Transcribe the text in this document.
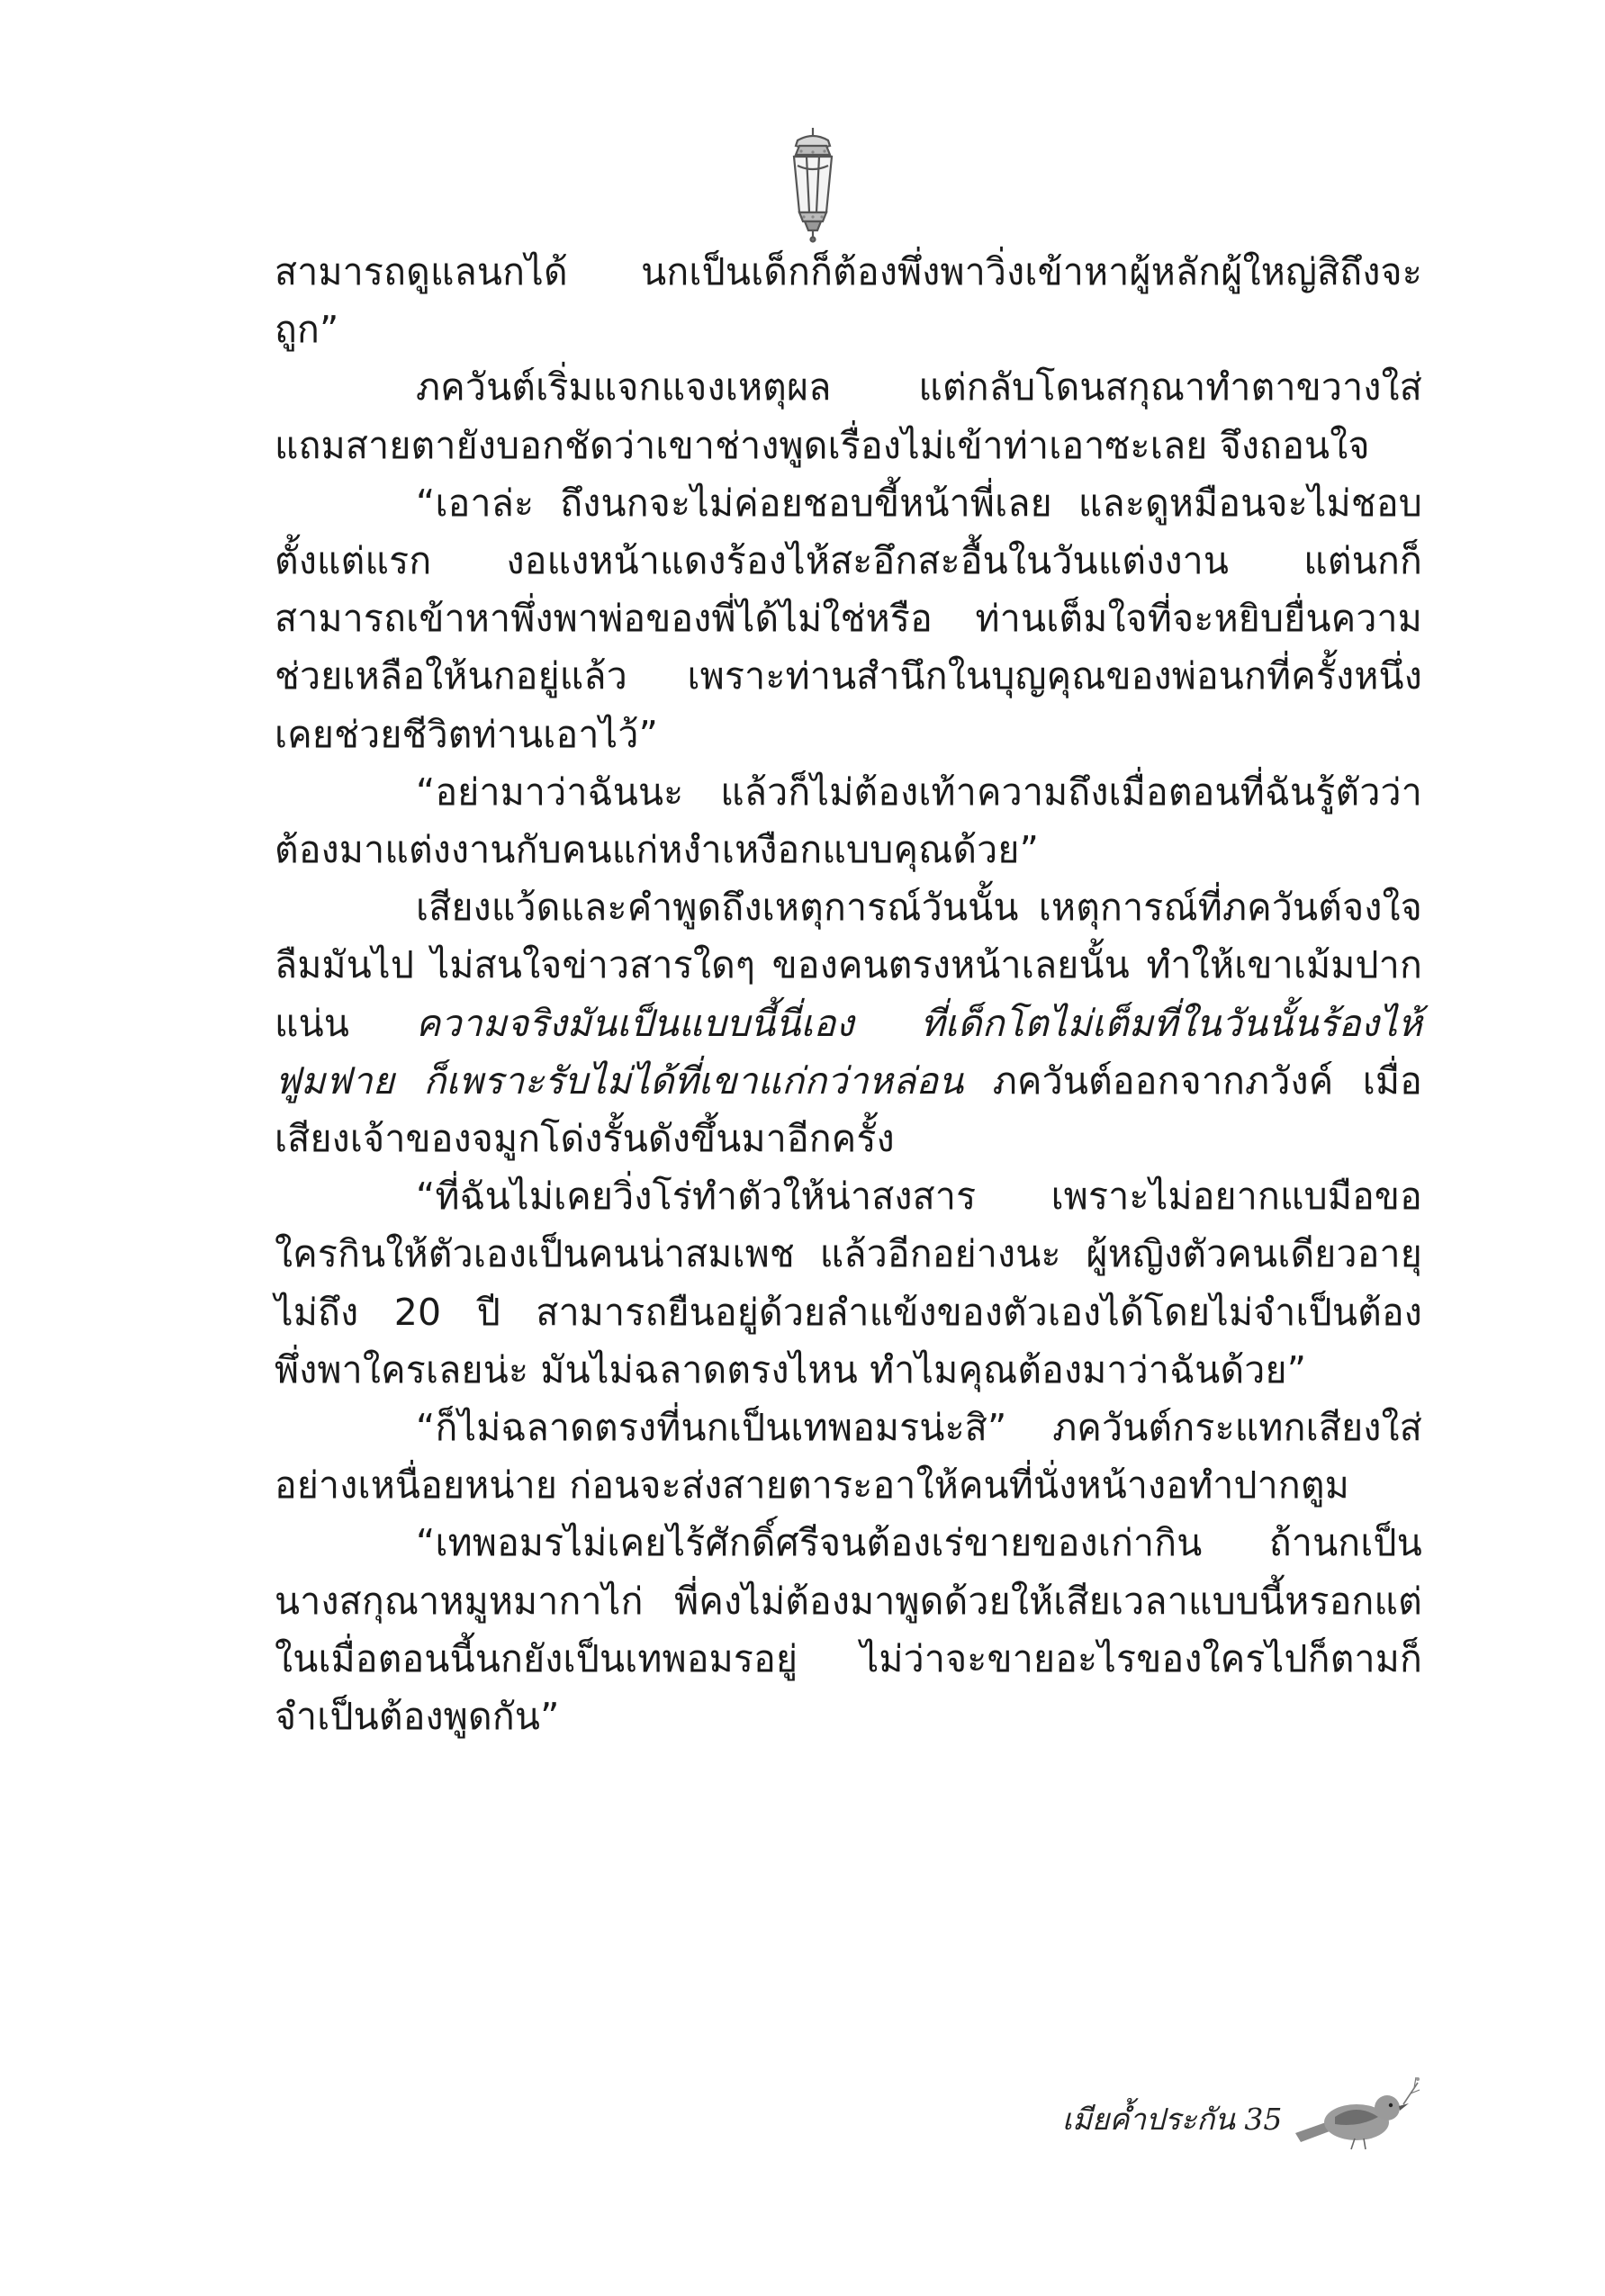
สามารถดูแลนกได้ นกเป็นเด็กก็ต้องพึ่งพาวิ่งเข้าหาผู้หลักผู้ใหญ่สิถึงจะถูก”

ภควันต์เริ่มแจกแจงเหตุผล แต่กลับโดนสกุณาทำตาขวางใส่ แถมสายตายังบอกชัดว่าเขาช่างพูดเรื่องไม่เข้าท่าเอาซะเลย จึงถอนใจ

“เอาล่ะ ถึงนกจะไม่ค่อยชอบขี้หน้าพี่เลย และดูหมือนจะไม่ชอบตั้งแต่แรก งอแงหน้าแดงร้องไห้สะอึกสะอื้นในวันแต่งงาน แต่นกก็สามารถเข้าหาพึ่งพาพ่อของพี่ได้ไม่ใช่หรือ ท่านเต็มใจที่จะหยิบยื่นความช่วยเหลือให้นกอยู่แล้ว เพราะท่านสำนึกในบุญคุณของพ่อนกที่ครั้งหนึ่งเคยช่วยชีวิตท่านเอาไว้”

“อย่ามาว่าฉันนะ แล้วก็ไม่ต้องเท้าความถึงเมื่อตอนที่ฉันรู้ตัวว่าต้องมาแต่งงานกับคนแก่หงำเหงือกแบบคุณด้วย”

เสียงแว้ดและคำพูดถึงเหตุการณ์วันนั้น เหตุการณ์ที่ภควันต์จงใจลืมมันไป ไม่สนใจข่าวสารใดๆ ของคนตรงหน้าเลยนั้น ทำให้เขาเม้มปากแน่น ความจริงมันเป็นแบบนี้นี่เอง ที่เด็กโตไม่เต็มที่ในวันนั้นร้องไห้ฟูมฟาย ก็เพราะรับไม่ได้ที่เขาแก่กว่าหล่อน ภควันต์ออกจากภวังค์ เมื่อเสียงเจ้าของจมูกโด่งรั้นดังขึ้นมาอีกครั้ง

“ที่ฉันไม่เคยวิ่งโร่ทำตัวให้น่าสงสาร เพราะไม่อยากแบมือขอใครกินให้ตัวเองเป็นคนน่าสมเพช แล้วอีกอย่างนะ ผู้หญิงตัวคนเดียวอายุไม่ถึง 20 ปี สามารถยืนอยู่ด้วยลำแข้งของตัวเองได้โดยไม่จำเป็นต้องพึ่งพาใครเลยน่ะ มันไม่ฉลาดตรงไหน ทำไมคุณต้องมาว่าฉันด้วย”

“ก็ไม่ฉลาดตรงที่นกเป็นเทพอมรน่ะสิ” ภควันต์กระแทกเสียงใส่อย่างเหนื่อยหน่าย ก่อนจะส่งสายตาระอาให้คนที่นั่งหน้างอทำปากตูม

“เทพอมรไม่เคยไร้ศักดิ์ศรีจนต้องเร่ขายของเก่ากิน ถ้านกเป็นนางสกุณาหมูหมากาไก่ พี่คงไม่ต้องมาพูดด้วยให้เสียเวลาแบบนี้หรอกแต่ในเมื่อตอนนี้นกยังเป็นเทพอมรอยู่ ไม่ว่าจะขายอะไรของใครไปก็ตามก็จำเป็นต้องพูดกัน”

เมียค้ำประกัน 35
